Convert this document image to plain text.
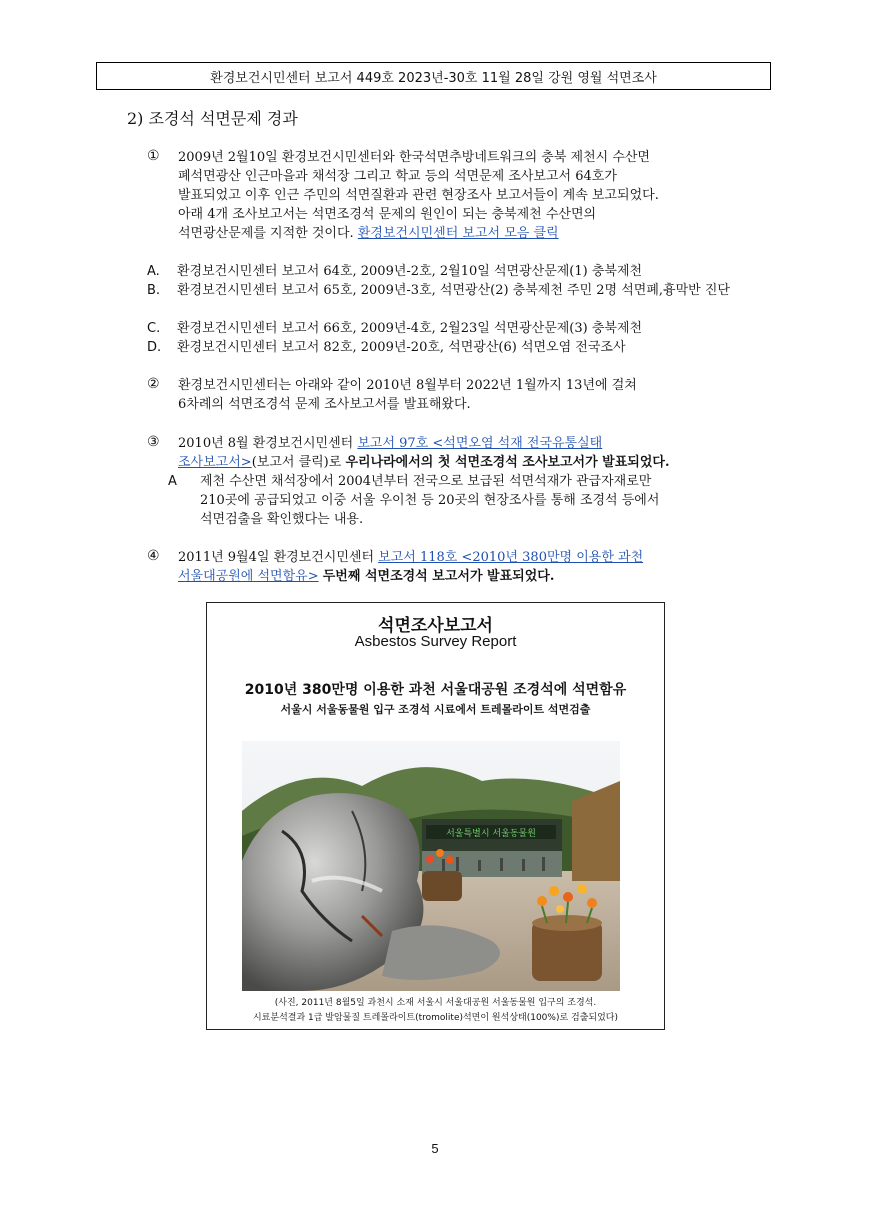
환경보건시민센터 보고서 449호 2023년-30호 11월 28일 강원 영월 석면조사
2) 조경석 석면문제 경과
① 2009년 2월10일 환경보건시민센터와 한국석면추방네트워크의 충북 제천시 수산면
폐석면광산 인근마을과 채석장 그리고 학교 등의 석면문제 조사보고서 64호가
발표되었고 이후 인근 주민의 석면질환과 관련 현장조사 보고서들이 계속 보고되었다.
아래 4개 조사보고서는 석면조경석 문제의 원인이 되는 충북제천 수산면의
석면광산문제를 지적한 것이다. 환경보건시민센터 보고서 모음 클릭
A. 환경보건시민센터 보고서 64호, 2009년-2호, 2월10일 석면광산문제(1) 충북제천
B. 환경보건시민센터 보고서 65호, 2009년-3호, 석면광산(2) 충북제천 주민 2명 석면폐,흉막반 진단
C. 환경보건시민센터 보고서 66호, 2009년-4호, 2월23일 석면광산문제(3) 충북제천
D. 환경보건시민센터 보고서 82호, 2009년-20호, 석면광산(6) 석면오염 전국조사
② 환경보건시민센터는 아래와 같이 2010년 8월부터 2022년 1월까지 13년에 걸쳐
6차례의 석면조경석 문제 조사보고서를 발표해왔다.
③ 2010년 8월 환경보건시민센터 보고서 97호 <석면오염 석재 전국유통실태
조사보고서>(보고서 클릭)로 우리나라에서의 첫 석면조경석 조사보고서가 발표되었다.
A 제천 수산면 채석장에서 2004년부터 전국으로 보급된 석면석재가 관급자재로만
210곳에 공급되었고 이중 서울 우이천 등 20곳의 현장조사를 통해 조경석 등에서
석면검출을 확인했다는 내용.
④ 2011년 9월4일 환경보건시민센터 보고서 118호 <2010년 380만명 이용한 과천
서울대공원에 석면함유> 두번째 석면조경석 보고서가 발표되었다.
석면조사보고서
Asbestos Survey Report
2010년 380만명 이용한 과천 서울대공원 조경석에 석면함유
서울시 서울동물원 입구 조경석 시료에서 트레몰라이트 석면검출
서울특별시 서울동물원
(사진, 2011년 8월5일 과천시 소재 서울시 서울대공원 서울동물원 입구의 조경석.
시료분석결과 1급 발암물질 트레몰라이트(tromolite)석면이 원석상태(100%)로 검출되었다)
5
